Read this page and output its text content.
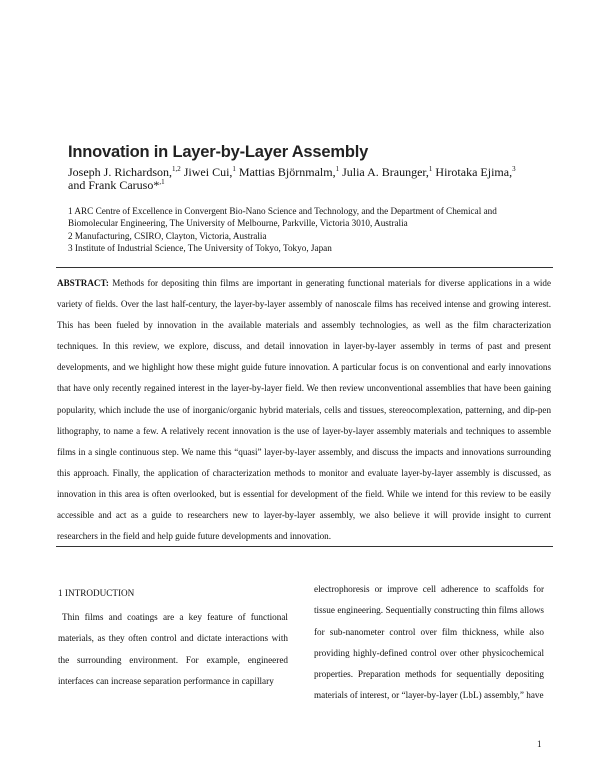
Innovation in Layer-by-Layer Assembly
Joseph J. Richardson,$^{1,2}$ Jiwei Cui,$^1$ Mattias Björnmalm,$^1$ Julia A. Braunger,$^1$ Hirotaka Ejima,$^3$
and Frank Caruso*$^{,1}$

1 ARC Centre of Excellence in Convergent Bio-Nano Science and Technology, and the Department of Chemical and Biomolecular Engineering, The University of Melbourne, Parkville, Victoria 3010, Australia

2 Manufacturing, CSIRO, Clayton, Victoria, Australia

3 Institute of Industrial Science, The University of Tokyo, Tokyo, Japan

ABSTRACT: Methods for depositing thin films are important in generating functional materials for diverse applications in a wide variety of fields. Over the last half-century, the layer-by-layer assembly of nanoscale films has received intense and growing interest. This has been fueled by innovation in the available materials and assembly technologies, as well as the film characterization techniques. In this review, we explore, discuss, and detail innovation in layer-by-layer assembly in terms of past and present developments, and we highlight how these might guide future innovation. A particular focus is on conventional and early innovations that have only recently regained interest in the layer-by-layer field. We then review unconventional assemblies that have been gaining popularity, which include the use of inorganic/organic hybrid materials, cells and tissues, stereocomplexation, patterning, and dip-pen lithography, to name a few. A relatively recent innovation is the use of layer-by-layer assembly materials and techniques to assemble films in a single continuous step. We name this “quasi” layer-by-layer assembly, and discuss the impacts and innovations surrounding this approach. Finally, the application of characterization methods to monitor and evaluate layer-by-layer assembly is discussed, as innovation in this area is often overlooked, but is essential for development of the field. While we intend for this review to be easily accessible and act as a guide to researchers new to layer-by-layer assembly, we also believe it will provide insight to current researchers in the field and help guide future developments and innovation.

1 INTRODUCTION

Thin films and coatings are a key feature of functional materials, as they often control and dictate interactions with the surrounding environment. For example, engineered interfaces can increase separation performance in capillary

electrophoresis or improve cell adherence to scaffolds for tissue engineering. Sequentially constructing thin films allows for sub-nanometer control over film thickness, while also providing highly-defined control over other physicochemical properties. Preparation methods for sequentially depositing materials of interest, or “layer-by-layer (LbL) assembly,” have

1
